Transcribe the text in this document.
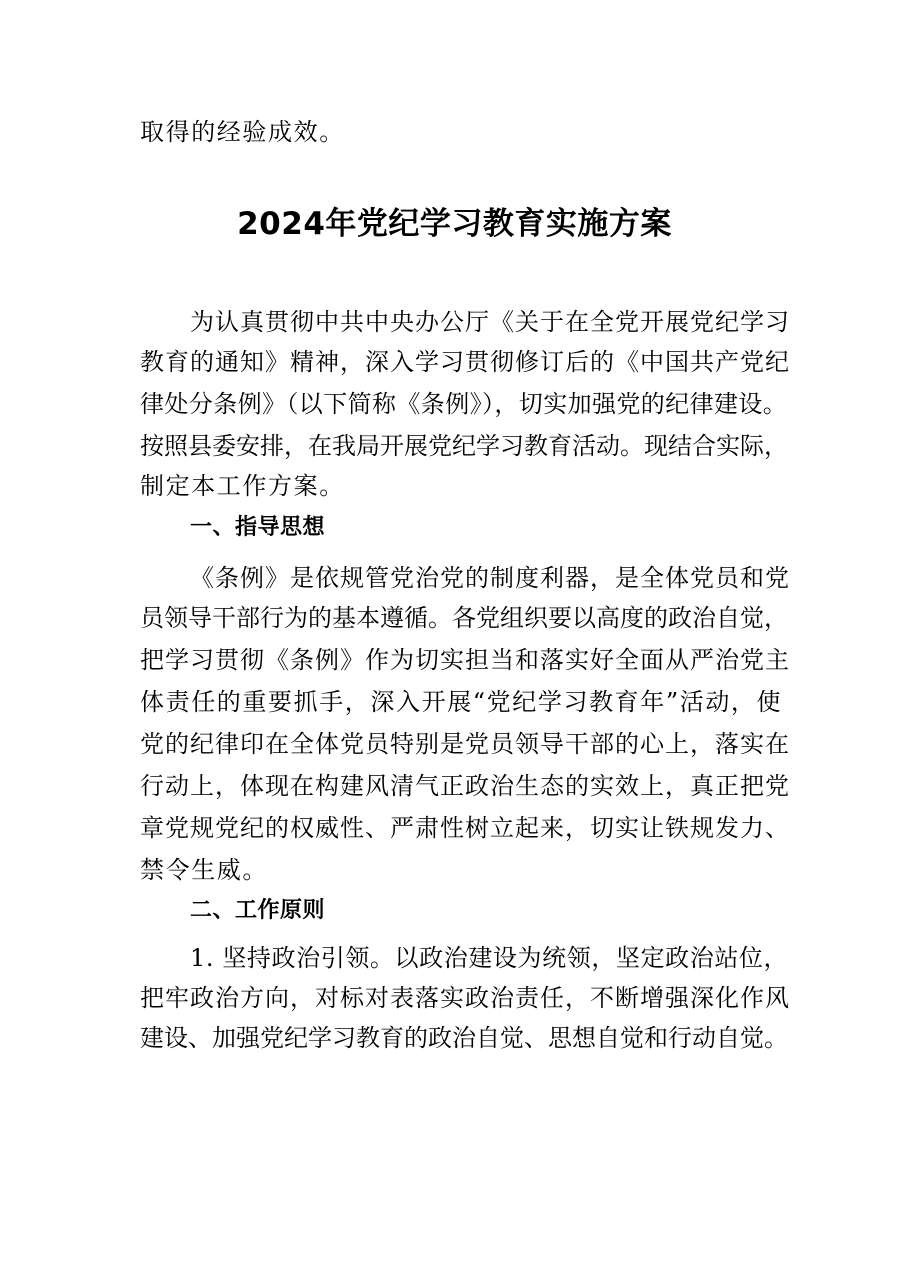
取得的经验成效。
2024年党纪学习教育实施方案
为认真贯彻中共中央办公厅《关于在全党开展党纪学习
教育的通知》精神，深入学习贯彻修订后的《中国共产党纪
律处分条例》（以下简称《条例》），切实加强党的纪律建设。
按照县委安排，在我局开展党纪学习教育活动。现结合实际，
制定本工作方案。
一、指导思想
《条例》是依规管党治党的制度利器，是全体党员和党
员领导干部行为的基本遵循。各党组织要以高度的政治自觉，
把学习贯彻《条例》作为切实担当和落实好全面从严治党主
体责任的重要抓手，深入开展“党纪学习教育年”活动，使
党的纪律印在全体党员特别是党员领导干部的心上，落实在
行动上，体现在构建风清气正政治生态的实效上，真正把党
章党规党纪的权威性、严肃性树立起来，切实让铁规发力、
禁令生威。
二、工作原则
1. 坚持政治引领。以政治建设为统领，坚定政治站位，
把牢政治方向，对标对表落实政治责任，不断增强深化作风
建设、加强党纪学习教育的政治自觉、思想自觉和行动自觉。
